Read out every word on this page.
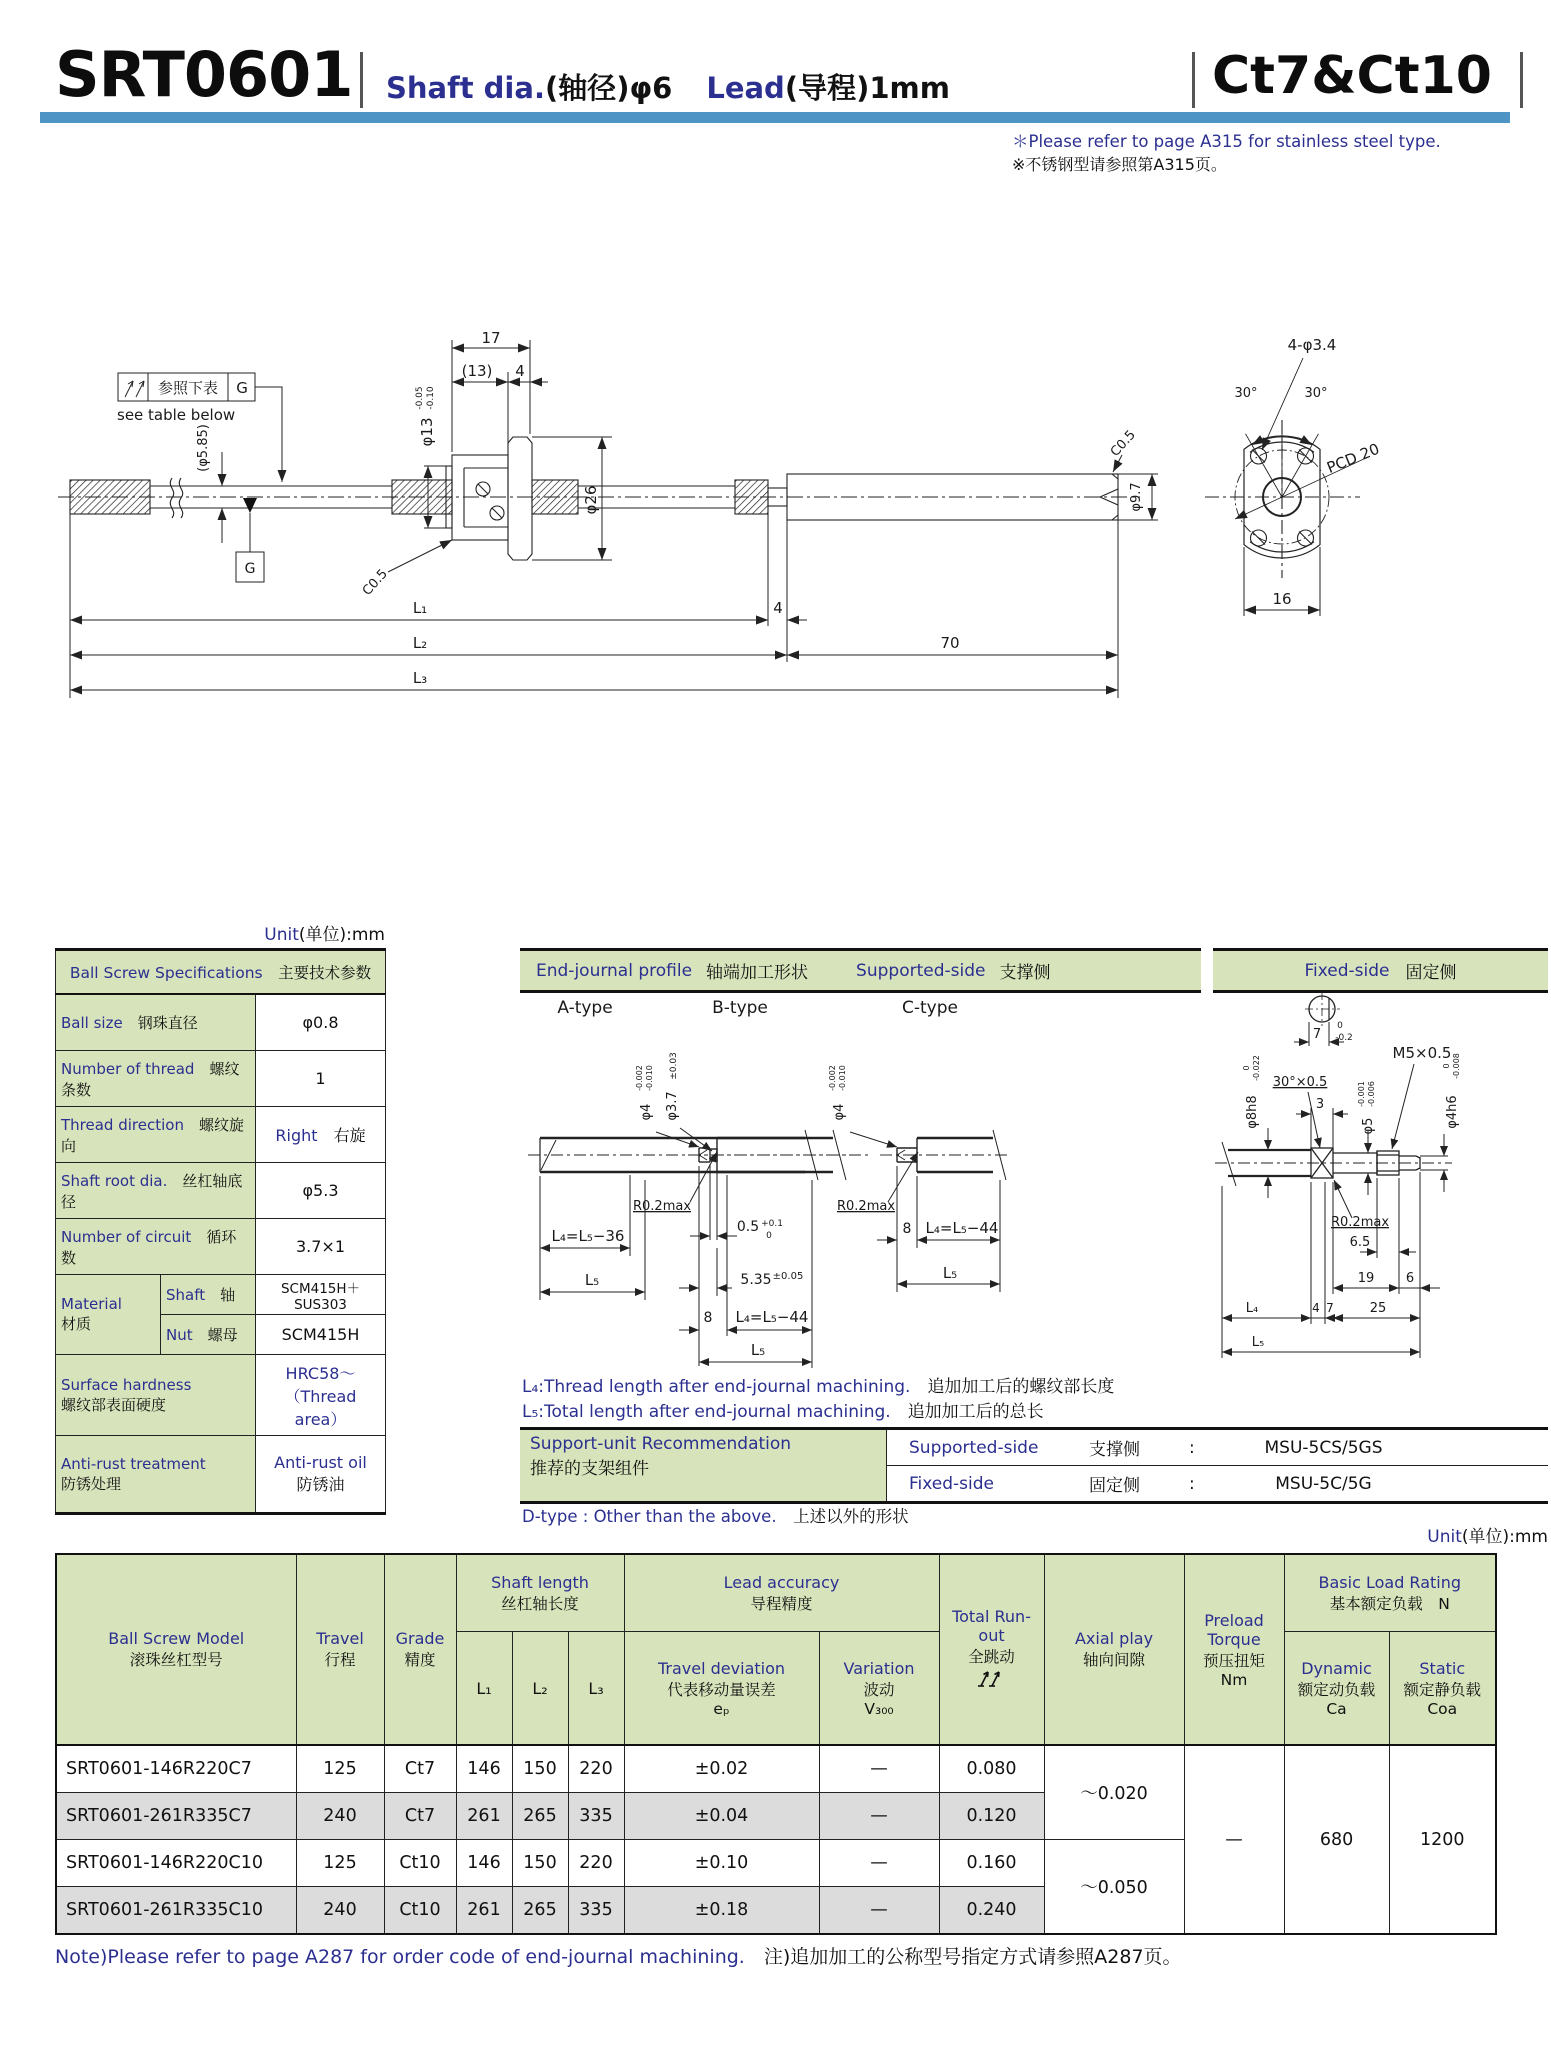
SRT0601 Shaft dia.(轴径)φ6 Lead(导程)1mm	Ct7&Ct10
＊Please refer to page A315 for stainless steel type.
※不锈钢型请参照第A315页。
17
(13) 4
φ13
-0.05 -0.10
φ26
(φ5.85)
参照下表 G
see table below
G	C0.5
C0.5
φ9.7
L₁	4
L₂	70
L₃
4-φ3.4
30°	30°
PCD 20
16
Unit(单位):mm
Ball Screw Specifications　 主要技术参数		
Ball size　 钢珠直径		φ0.8
Number of thread　 螺纹条数		1
Thread direction　 螺纹旋向		Right　 右旋
Shaft root dia.　 丝杠轴底径		φ5.3
Number of circuit　 循环数		3.7×1
Material
材质	Shaft　 轴	SCM415H＋SUS303
	Nut　 螺母	SCM415H
Surface hardness
螺纹部表面硬度		HRC58～
（Thread area）
Anti-rust treatment
防锈处理		Anti-rust oil
防锈油
End-journal profile 轴端加工形状	Supported-side 支撑侧	Fixed-side 固定侧
A-type	B-type	C-type
L₄=L₅−36
L₅
φ4
-0.002 -0.010
φ3.7
±0.03
R0.2max
0.5 +0.1
0
5.35 ±0.05
8 L₄=L₅−44
L₅
φ4
-0.002 -0.010
R0.2max
8 L₄=L₅−44
L₅
7
0
-0.2
M5×0.5
30°×0.5
3
φ8h8
0 -0.022
φ5
-0.001 -0.006
φ4h6
0 -0.008
R0.2max
6.5
19 6
L₄	4 7	25
L₅
L₄:Thread length after end-journal machining.　 追加加工后的螺纹部长度
L₅:Total length after end-journal machining.　 追加加工后的总长
Support-unit Recommendation
推荐的支架组件
Supported-side	支撑侧	:	MSU-5CS/5GS
Fixed-side	固定侧	:	MSU-5C/5G
D-type : Other than the above.　 上述以外的形状
Unit(单位):mm
Ball Screw Model
滚珠丝杠型号

Travel
行程

Grade
精度

Shaft length
丝杠轴长度

Lead accuracy
导程精度

Total Run-out
全跳动

Axial play
轴向间隙

Preload Torque
预压扭矩
Nm

Basic Load Rating
基本额定负载　 N

L₁	L₂	L₃	
Travel deviation
代表移动量误差
eₚ

Variation
波动
V₃₀₀

Dynamic
额定动负载
Ca

Static
额定静负载
Coa

SRT0601-146R220C7	125	Ct7	146	150	220	±0.02	—	0.080	～0.020	—	680	1200
SRT0601-261R335C7	240	Ct7	261	265	335	±0.04	—	0.120				
SRT0601-146R220C10	125	Ct10	146	150	220	±0.10	—	0.160	～0.050			
SRT0601-261R335C10	240	Ct10	261	265	335	±0.18	—	0.240				
Note)Please refer to page A287 for order code of end-journal machining.　 注)追加加工的公称型号指定方式请参照A287页。
